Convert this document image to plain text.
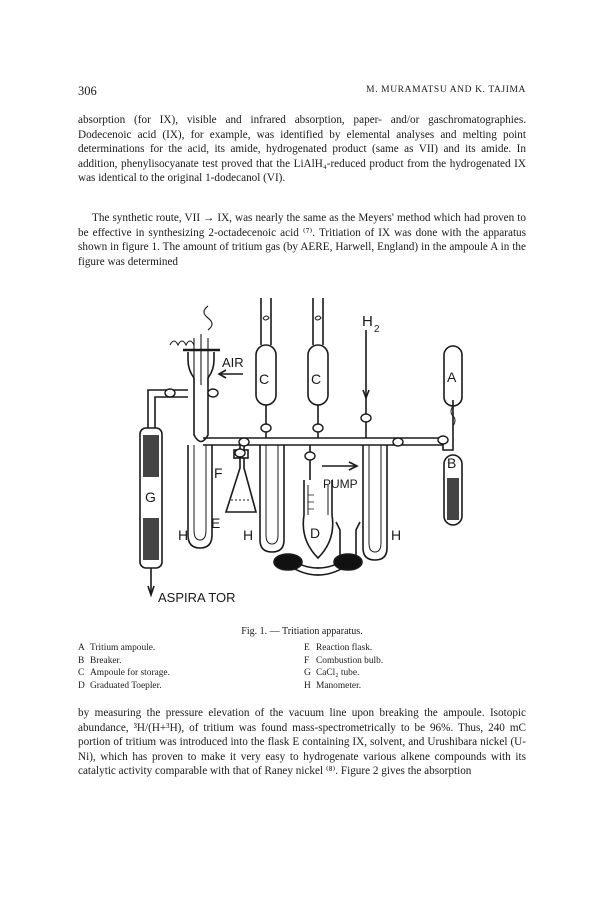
306	M. MURAMATSU AND K. TAJIMA

absorption (for IX), visible and infrared absorption, paper- and/or gaschromatographies. Dodecenoic acid (IX), for example, was identified by elemental analyses and melting point determinations for the acid, its amide, hydrogenated product (same as VII) and its amide. In addition, phenylisocyanate test proved that the LiAlH₄-reduced product from the hydrogenated IX was identical to the original 1-dodecanol (VI).

The synthetic route, VII → IX, was nearly the same as the Meyers' method which had proven to be effective in synthesizing 2-octadecenoic acid ⁽⁷⁾. Tritiation of IX was done with the apparatus shown in figure 1. The amount of tritium gas (by AERE, Harwell, England) in the ampoule A in the figure was determined

AIR
H 2
PUMP
ASPIRA TOR
A
B
C	C
D
E
F
G
H	H	H
Fig. 1. — Tritiation apparatus.
A Tritium ampoule.
B Breaker.
C Ampoule for storage.
D Graduated Toepler.
E Reaction flask.
F Combustion bulb.
G CaCl₂ tube.
H Manometer.

by measuring the pressure elevation of the vacuum line upon breaking the ampoule. Isotopic abundance, ³H/(H+³H), of tritium was found mass-spectrometrically to be 96%. Thus, 240 mC portion of tritium was introduced into the flask E containing IX, solvent, and Urushibara nickel (U-Ni), which has proven to make it very easy to hydrogenate various alkene compounds with its catalytic activity comparable with that of Raney nickel ⁽⁸⁾. Figure 2 gives the absorption
